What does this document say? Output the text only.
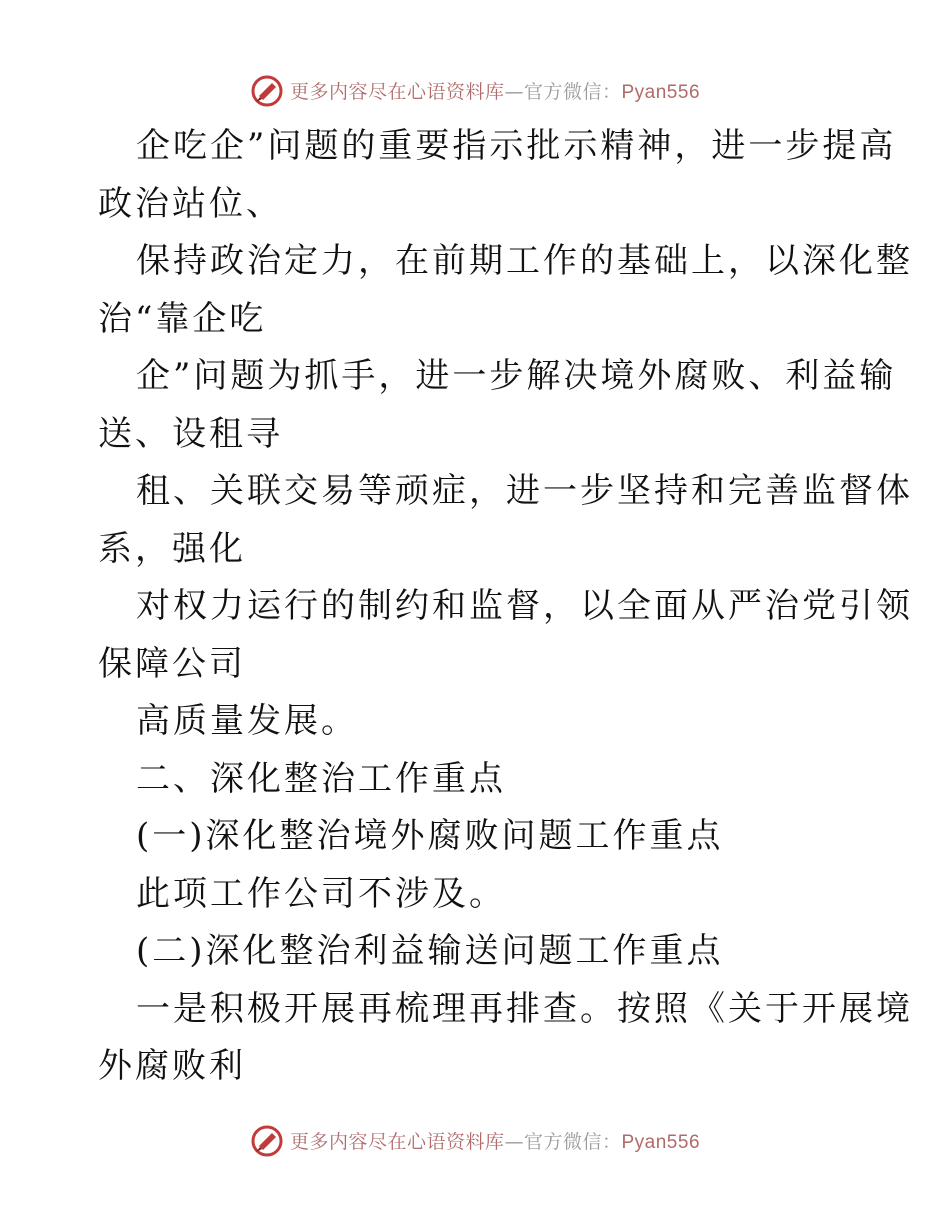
更多内容尽在心语资料库—官方微信：Pyan556
企吃企”问题的重要指示批示精神，进一步提高
政治站位、
保持政治定力，在前期工作的基础上，以深化整
治“靠企吃
企”问题为抓手，进一步解决境外腐败、利益输
送、设租寻
租、关联交易等顽症，进一步坚持和完善监督体
系，强化
对权力运行的制约和监督，以全面从严治党引领
保障公司
高质量发展。
二、深化整治工作重点
(一)深化整治境外腐败问题工作重点
此项工作公司不涉及。
(二)深化整治利益输送问题工作重点
一是积极开展再梳理再排查。按照《关于开展境
外腐败利
更多内容尽在心语资料库—官方微信：Pyan556
